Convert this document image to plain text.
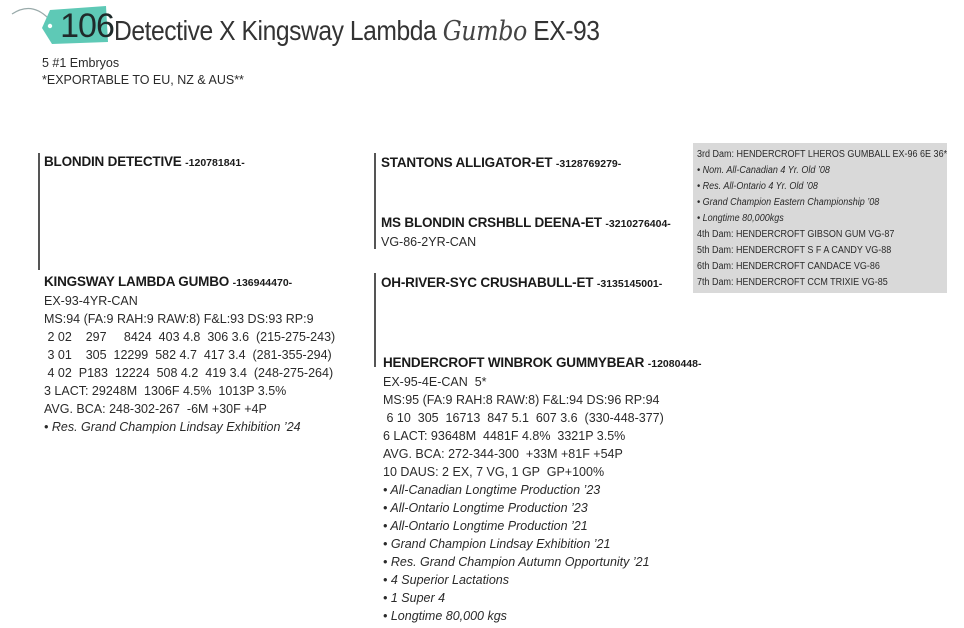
106 Detective X Kingsway Lambda Gumbo EX-93
5 #1 Embryos
*EXPORTABLE TO EU, NZ & AUS**
BLONDIN DETECTIVE -120781841-
KINGSWAY LAMBDA GUMBO -136944470-
EX-93-4YR-CAN
MS:94 (FA:9 RAH:9 RAW:8) F&L:93 DS:93 RP:9
2 02    297     8424  403 4.8  306 3.6  (215-275-243)
3 01    305  12299  582 4.7  417 3.4  (281-355-294)
4 02  P183  12224  508 4.2  419 3.4  (248-275-264)
3 LACT: 29248M  1306F 4.5%  1013P 3.5%
AVG. BCA: 248-302-267  -6M +30F +4P
• Res. Grand Champion Lindsay Exhibition ’24
STANTONS ALLIGATOR-ET -3128769279-
MS BLONDIN CRSHBLL DEENA-ET -3210276404-
VG-86-2YR-CAN
OH-RIVER-SYC CRUSHABULL-ET -3135145001-
HENDERCROFT WINBROK GUMMYBEAR -12080448-
EX-95-4E-CAN  5*
MS:95 (FA:9 RAH:8 RAW:8) F&L:94 DS:96 RP:94
6 10  305  16713  847 5.1  607 3.6  (330-448-377)
6 LACT: 93648M  4481F 4.8%  3321P 3.5%
AVG. BCA: 272-344-300  +33M +81F +54P
10 DAUS: 2 EX, 7 VG, 1 GP  GP+100%
• All-Canadian Longtime Production ’23
• All-Ontario Longtime Production ’23
• All-Ontario Longtime Production ’21
• Grand Champion Lindsay Exhibition ’21
• Res. Grand Champion Autumn Opportunity ’21
• 4 Superior Lactations
• 1 Super 4
• Longtime 80,000 kgs
3rd Dam: HENDERCROFT LHEROS GUMBALL EX-96 6E 36*
• Nom. All-Canadian 4 Yr. Old ’08
• Res. All-Ontario 4 Yr. Old ’08
• Grand Champion Eastern Championship ’08
• Longtime 80,000kgs
4th Dam: HENDERCROFT GIBSON GUM VG-87
5th Dam: HENDERCROFT S F A CANDY VG-88
6th Dam: HENDERCROFT CANDACE VG-86
7th Dam: HENDERCROFT CCM TRIXIE VG-85
